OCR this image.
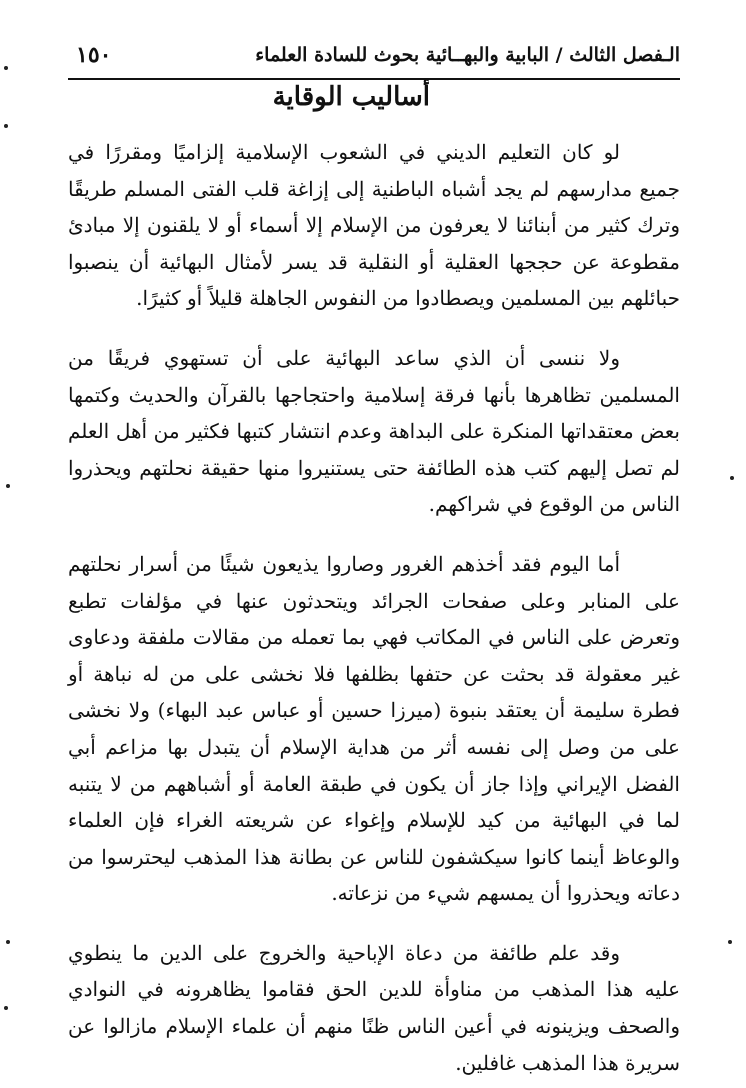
الـفصل الثالث / البابية والبهــائية بحوث للسادة العلماء
١٥٠
أساليب الوقاية

لو كان التعليم الديني في الشعوب الإسلامية إلزاميًا ومقررًا في جميع مدارسهم لم يجد أشباه الباطنية إلى إزاغة قلب الفتى المسلم طريقًا وترك كثير من أبنائنا لا يعرفون من الإسلام إلا أسماء أو لا يلقنون إلا مبادئ مقطوعة عن حججها العقلية أو النقلية قد يسر لأمثال البهائية أن ينصبوا حبائلهم بين المسلمين ويصطادوا من النفوس الجاهلة قليلاً أو كثيرًا.

ولا ننسى أن الذي ساعد البهائية على أن تستهوي فريقًا من المسلمين تظاهرها بأنها فرقة إسلامية واحتجاجها بالقرآن والحديث وكتمها بعض معتقداتها المنكرة على البداهة وعدم انتشار كتبها فكثير من أهل العلم لم تصل إليهم كتب هذه الطائفة حتى يستنيروا منها حقيقة نحلتهم ويحذروا الناس من الوقوع في شراكهم.

أما اليوم فقد أخذهم الغرور وصاروا يذيعون شيئًا من أسرار نحلتهم على المنابر وعلى صفحات الجرائد ويتحدثون عنها في مؤلفات تطبع وتعرض على الناس في المكاتب فهي بما تعمله من مقالات ملفقة ودعاوى غير معقولة قد بحثت عن حتفها بظلفها فلا نخشى على من له نباهة أو فطرة سليمة أن يعتقد بنبوة (ميرزا حسين أو عباس عبد البهاء) ولا نخشى على من وصل إلى نفسه أثر من هداية الإسلام أن يتبدل بها مزاعم أبي الفضل الإيراني وإذا جاز أن يكون في طبقة العامة أو أشباههم من لا يتنبه لما في البهائية من كيد للإسلام وإغواء عن شريعته الغراء فإن العلماء والوعاظ أينما كانوا سيكشفون للناس عن بطانة هذا المذهب ليحترسوا من دعاته ويحذروا أن يمسهم شيء من نزعاته.

وقد علم طائفة من دعاة الإباحية والخروج على الدين ما ينطوي عليه هذا المذهب من مناوأة للدين الحق فقاموا يظاهرونه في النوادي والصحف ويزينونه في أعين الناس ظنًا منهم أن علماء الإسلام مازالوا عن سريرة هذا المذهب غافلين.
